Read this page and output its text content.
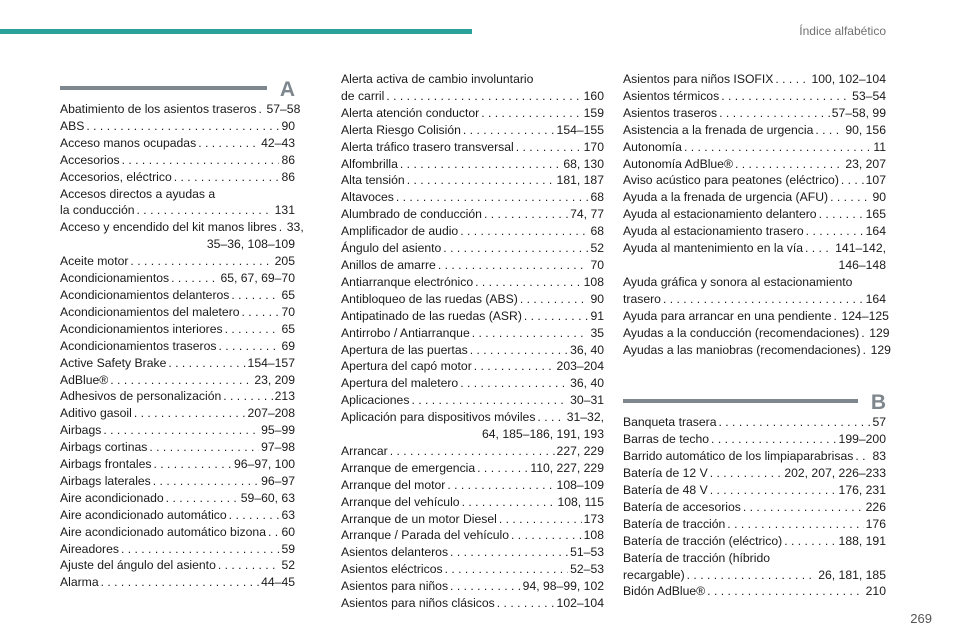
Índice alfabético
A
Abatimiento de los asientos traseros . . . 57–58
ABS . . .	90
Acceso manos ocupadas . . .	42–43
Accesorios . . .	86
Accesorios, eléctrico . . .	86
Accesos directos a ayudas a
la conducción . . .	131
Acceso y encendido del kit manos libres . . . 33,
35–36, 108–109
Aceite motor . . .	205
Acondicionamientos . . .	65, 67, 69–70
Acondicionamientos delanteros . . .	65
Acondicionamientos del maletero . . .	70
Acondicionamientos interiores . . .	65
Acondicionamientos traseros . . .	69
Active Safety Brake . . .	154–157
AdBlue® . . .	23, 209
Adhesivos de personalización . . .	213
Aditivo gasoil . . .	207–208
Airbags . . .	95–99
Airbags cortinas . . .	97–98
Airbags frontales . . .	96–97, 100
Airbags laterales . . .	96–97
Aire acondicionado . . .	59–60, 63
Aire acondicionado automático . . .	63
Aire acondicionado automático bizona . . . 60
Aireadores . . .	59
Ajuste del ángulo del asiento . . .	52
Alarma . . .	44–45
Alerta activa de cambio involuntario
de carril . . .	160
Alerta atención conductor . . .	159
Alerta Riesgo Colisión . . .	154–155
Alerta tráfico trasero transversal . . .	170
Alfombrilla . . .	68, 130
Alta tensión . . .	181, 187
Altavoces . . .	68
Alumbrado de conducción . . .	74, 77
Amplificador de audio . . .	68
Ángulo del asiento . . .	52
Anillos de amarre . . .	70
Antiarranque electrónico . . .	108
Antibloqueo de las ruedas (ABS) . . .	90
Antipatinado de las ruedas (ASR) . . .	91
Antirrobo / Antiarranque . . .	35
Apertura de las puertas . . .	36, 40
Apertura del capó motor . . .	203–204
Apertura del maletero . . .	36, 40
Aplicaciones . . .	30–31
Aplicación para dispositivos móviles . . .	31–32,
64, 185–186, 191, 193
Arrancar . . .	227, 229
Arranque de emergencia . . .	110, 227, 229
Arranque del motor . . .	108–109
Arranque del vehículo . . .	108, 115
Arranque de un motor Diesel . . .	173
Arranque / Parada del vehículo . . .	108
Asientos delanteros . . .	51–53
Asientos eléctricos . . .	52–53
Asientos para niños . . .	94, 98–99, 102
Asientos para niños clásicos . . .	102–104
Asientos para niños ISOFIX . . .	100, 102–104
Asientos térmicos . . .	53–54
Asientos traseros . . .	57–58, 99
Asistencia a la frenada de urgencia . . .	90, 156
Autonomía . . .	11
Autonomía AdBlue® . . .	23, 207
Aviso acústico para peatones (eléctrico) . . . 107
Ayuda a la frenada de urgencia (AFU) . . .	90
Ayuda al estacionamiento delantero . . .	165
Ayuda al estacionamiento trasero . . .	164
Ayuda al mantenimiento en la vía . . .	141–142,
146–148
Ayuda gráfica y sonora al estacionamiento
trasero . . .	164
Ayuda para arrancar en una pendiente . . . 124–125
Ayudas a la conducción (recomendaciones) . . . 129
Ayudas a las maniobras (recomendaciones) . . . 129
B
Banqueta trasera . . .	57
Barras de techo . . .	199–200
Barrido automático de los limpiaparabrisas . . . 83
Batería de 12 V . . .	202, 207, 226–233
Batería de 48 V . . .	176, 231
Batería de accesorios . . .	226
Batería de tracción . . .	176
Batería de tracción (eléctrico) . . .	188, 191
Batería de tracción (híbrido
recargable) . . .	26, 181, 185
Bidón AdBlue® . . .	210
269
